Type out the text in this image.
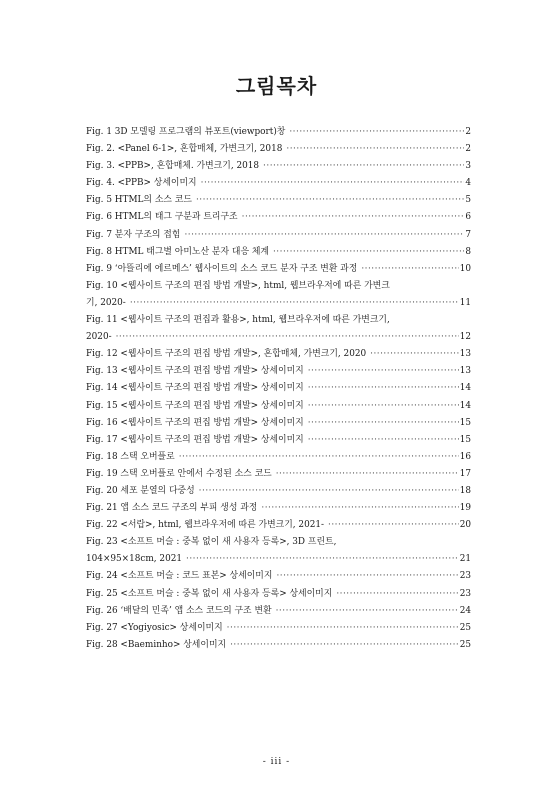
그림목차
Fig. 1 3D 모델링 프로그램의 뷰포트(viewport)창 ·····	2
Fig. 2. <Panel 6-1>, 혼합매체, 가변크기, 2018 ·····	2
Fig. 3. <PPB>, 혼합매체. 가변크기, 2018 ·····	3
Fig. 4. <PPB> 상세이미지 ·····	4
Fig. 5 HTML의 소스 코드 ·····	5
Fig. 6 HTML의 태그 구분과 트리구조 ·····	6
Fig. 7 분자 구조의 접힘 ·····	7
Fig. 8 HTML 태그별 아미노산 분자 대응 체계 ·····	8
Fig. 9 ‘아뜰리에 에르메스’ 웹사이트의 소스 코드 분자 구조 변환 과정 ·····	10
Fig. 10 <웹사이트 구조의 편집 방법 개발>, html, 웹브라우저에 따른 가변크
기, 2020- ·····	11
Fig. 11 <웹사이트 구조의 편집과 활용>, html, 웹브라우저에 따른 가변크기,
2020- ·····	12
Fig. 12 <웹사이트 구조의 편집 방법 개발>, 혼합매체, 가변크기, 2020 ·····	13
Fig. 13 <웹사이트 구조의 편집 방법 개발> 상세이미지 ·····	13
Fig. 14 <웹사이트 구조의 편집 방법 개발> 상세이미지 ·····	14
Fig. 15 <웹사이트 구조의 편집 방법 개발> 상세이미지 ·····	14
Fig. 16 <웹사이트 구조의 편집 방법 개발> 상세이미지 ·····	15
Fig. 17 <웹사이트 구조의 편집 방법 개발> 상세이미지 ·····	15
Fig. 18 스택 오버플로 ·····	16
Fig. 19 스택 오버플로 안에서 수정된 소스 코드 ·····	17
Fig. 20 세포 분열의 다중성 ·····	18
Fig. 21 앱 소스 코드 구조의 부피 생성 과정 ·····	19
Fig. 22 <서랍>, html, 웹브라우저에 따른 가변크기, 2021- ·····	20
Fig. 23 <소프트 머슬 : 중복 없이 새 사용자 등록>, 3D 프린트,
104×95×18cm, 2021 ·····	21
Fig. 24 <소프트 머슬 : 코드 표본> 상세이미지 ·····	23
Fig. 25 <소프트 머슬 : 중복 없이 새 사용자 등록> 상세이미지 ·····	23
Fig. 26 ‘배달의 민족’ 앱 소스 코드의 구조 변환 ·····	24
Fig. 27 <Yogiyosic> 상세이미지 ·····	25
Fig. 28 <Baeminho> 상세이미지 ·····	25
- iii -
